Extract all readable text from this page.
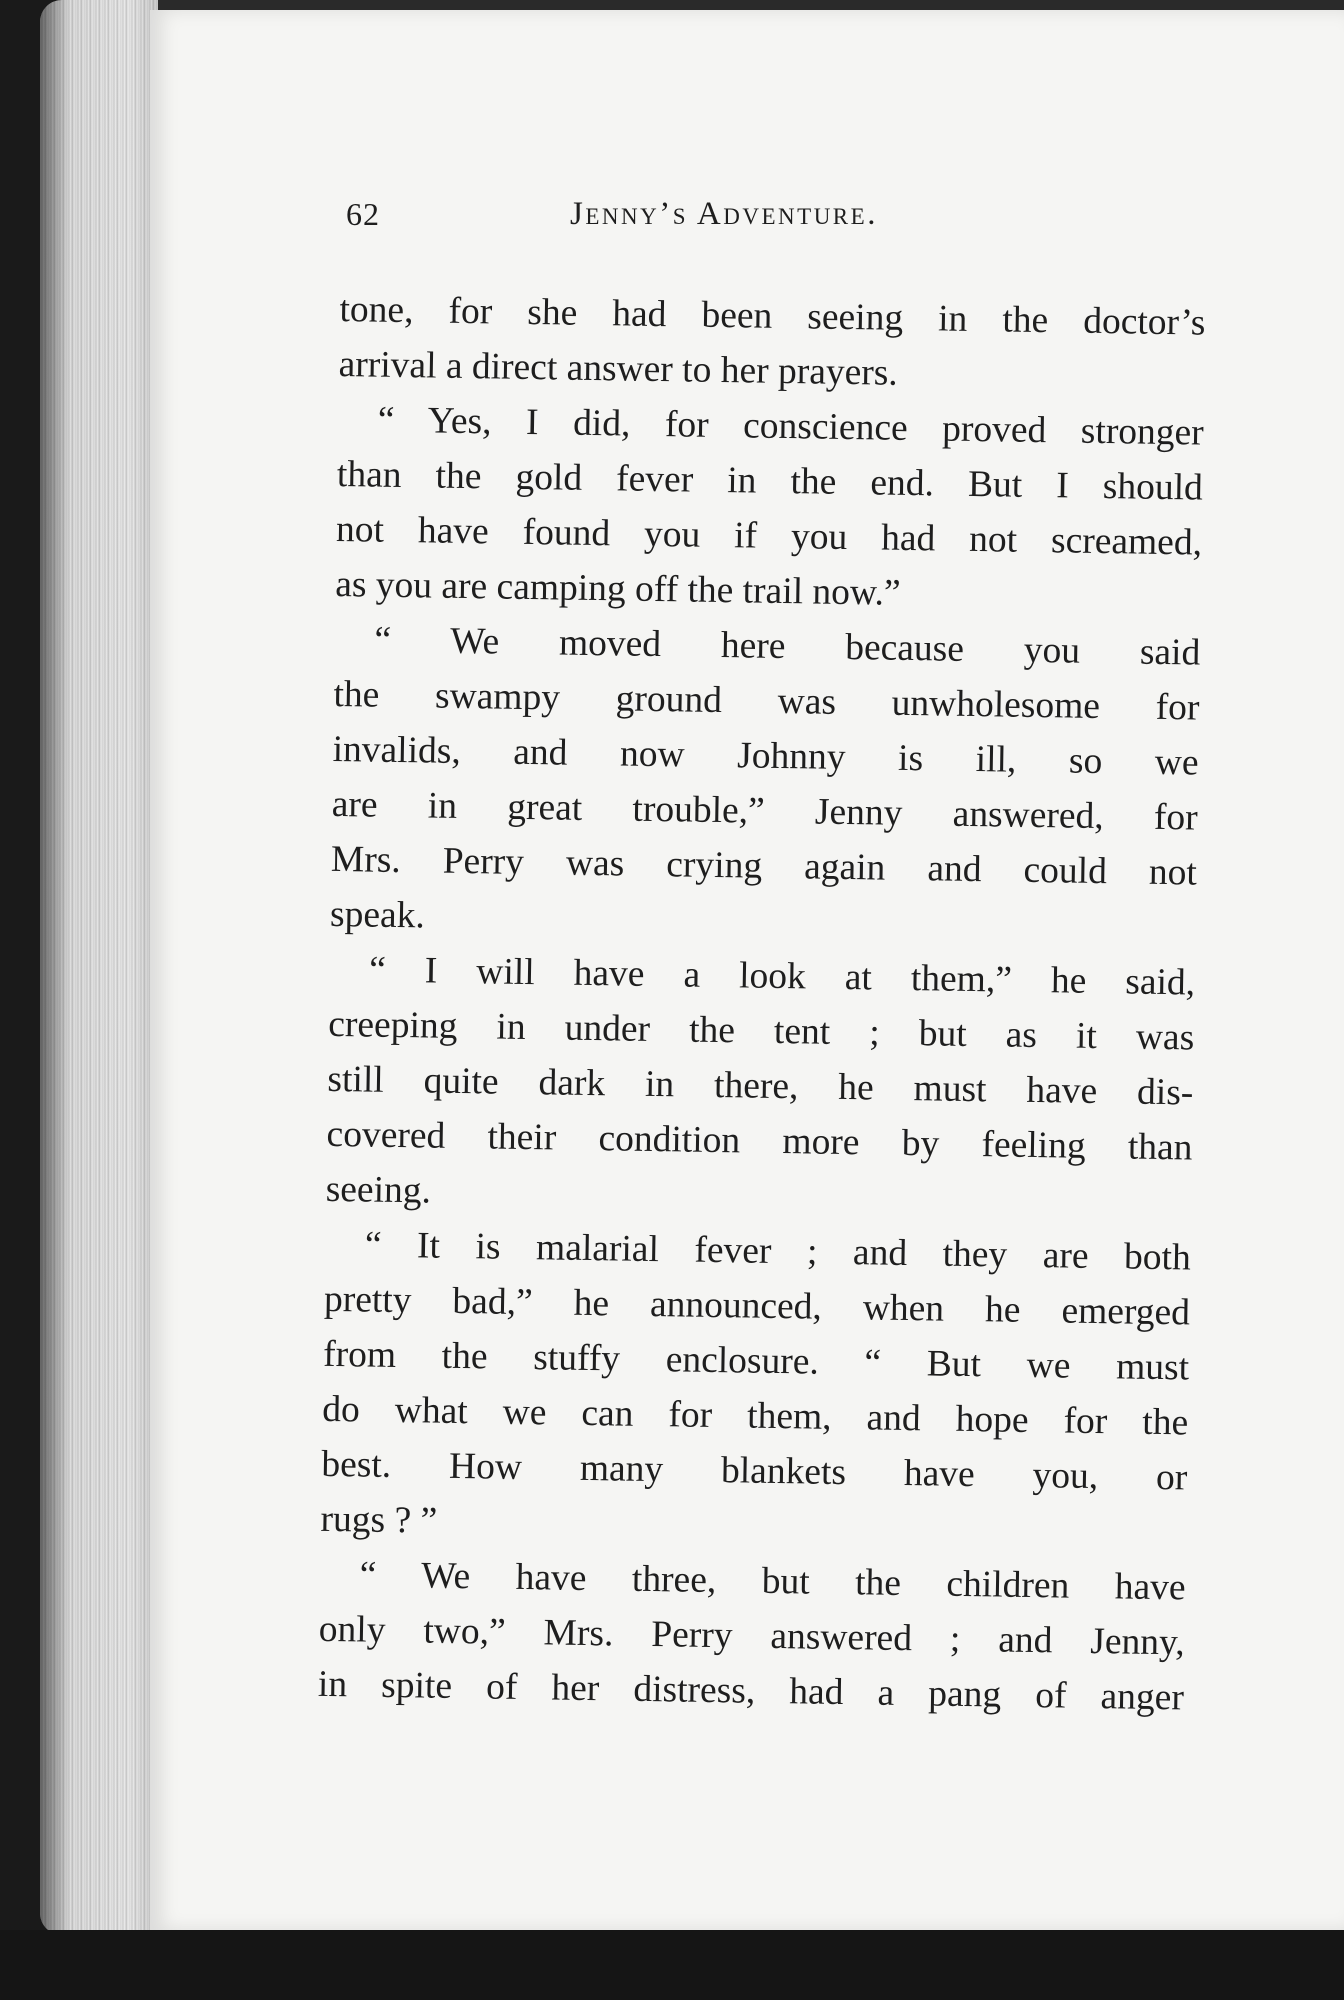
62	Jenny’s Adventure.
tone, for she had been seeing in the doctor’s
arrival a direct answer to her prayers.
“ Yes, I did, for conscience proved stronger
than the gold fever in the end. But I should
not have found you if you had not screamed,
as you are camping off the trail now.”
“ We moved here because you said
the swampy ground was unwholesome for
invalids, and now Johnny is ill, so we
are in great trouble,” Jenny answered, for
Mrs. Perry was crying again and could not
speak.
“ I will have a look at them,” he said,
creeping in under the tent ; but as it was
still quite dark in there, he must have dis-
covered their condition more by feeling than
seeing.
“ It is malarial fever ; and they are both
pretty bad,” he announced, when he emerged
from the stuffy enclosure. “ But we must
do what we can for them, and hope for the
best. How many blankets have you, or
rugs ? ”
“ We have three, but the children have
only two,” Mrs. Perry answered ; and Jenny,
in spite of her distress, had a pang of anger
